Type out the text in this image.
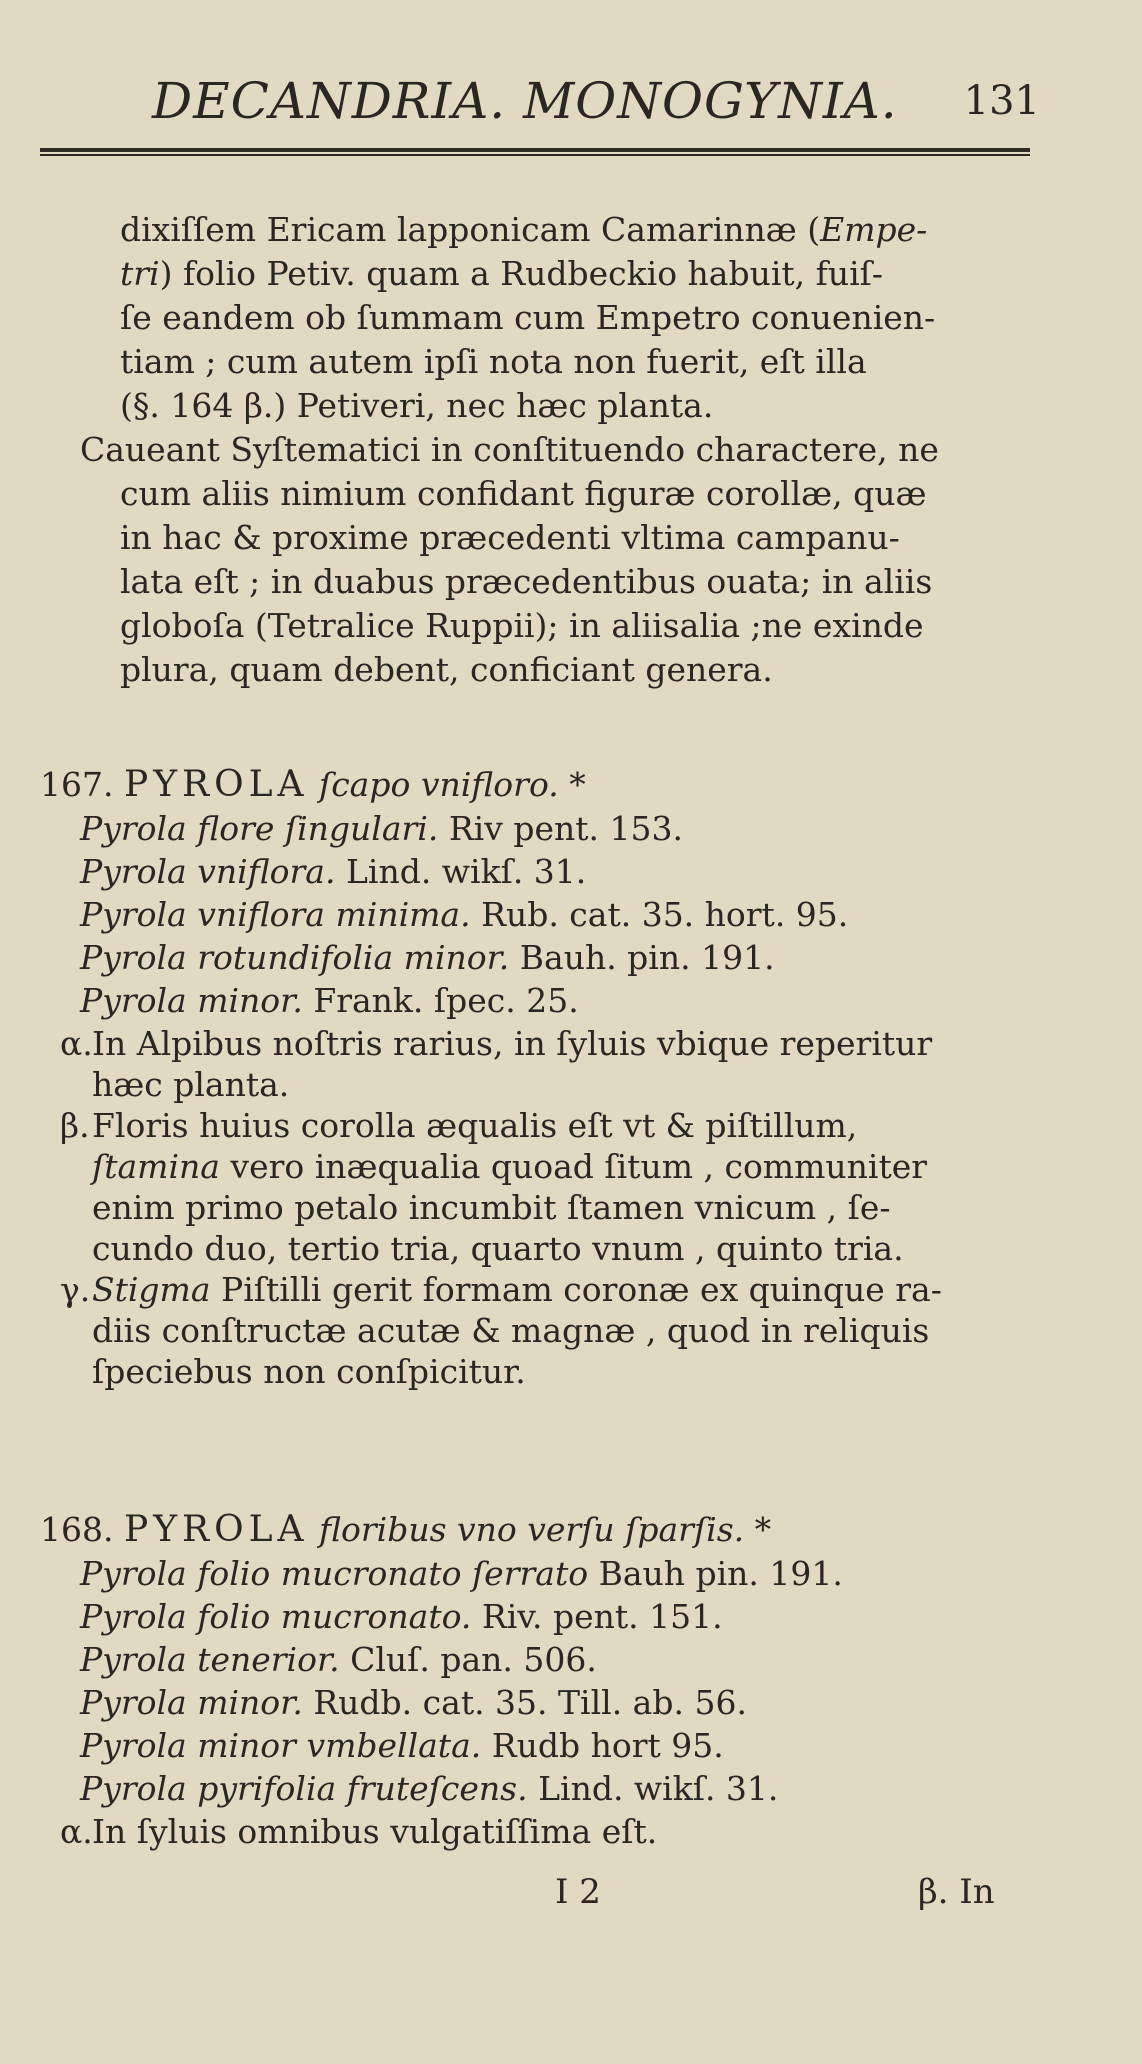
DECANDRIA. MONOGYNIA. 131
dixiſſem Ericam lapponicam Camarinnæ (Empe-
tri) folio Petiv. quam a Rudbeckio habuit, fuiſ-
ſe eandem ob ſummam cum Empetro conuenien-
tiam ; cum autem ipſi nota non fuerit, eſt illa
(§. 164 β.) Petiveri, nec hæc planta.
Caueant Syſtematici in conſtituendo charactere, ne
cum aliis nimium confidant figuræ corollæ, quæ
in hac & proxime præcedenti vltima campanu-
lata eſt ; in duabus præcedentibus ouata; in aliis
globoſa (Tetralice Ruppii); in aliisalia ;ne exinde
plura, quam debent, conficiant genera.
167. PYROLA ſcapo vnifloro. *
Pyrola flore ſingulari. Riv pent. 153.
Pyrola vniflora. Lind. wikſ. 31.
Pyrola vniflora minima. Rub. cat. 35. hort. 95.
Pyrola rotundifolia minor. Bauh. pin. 191.
Pyrola minor. Frank. ſpec. 25.
α. In Alpibus noſtris rarius, in ſyluis vbique reperitur
hæc planta.
β. Floris huius corolla æqualis eſt vt & piſtillum,
ſtamina vero inæqualia quoad ſitum , communiter
enim primo petalo incumbit ſtamen vnicum , ſe-
cundo duo, tertio tria, quarto vnum , quinto tria.
γ. Stigma Piſtilli gerit formam coronæ ex quinque ra-
diis conſtructæ acutæ & magnæ , quod in reliquis
ſpeciebus non conſpicitur.
168. PYROLA floribus vno verſu ſparſis. *
Pyrola folio mucronato ſerrato Bauh pin. 191.
Pyrola folio mucronato. Riv. pent. 151.
Pyrola tenerior. Cluſ. pan. 506.
Pyrola minor. Rudb. cat. 35. Till. ab. 56.
Pyrola minor vmbellata. Rudb hort 95.
Pyrola pyrifolia fruteſcens. Lind. wikſ. 31.
α. In ſyluis omnibus vulgatiſſima eſt.
I 2	β. In
